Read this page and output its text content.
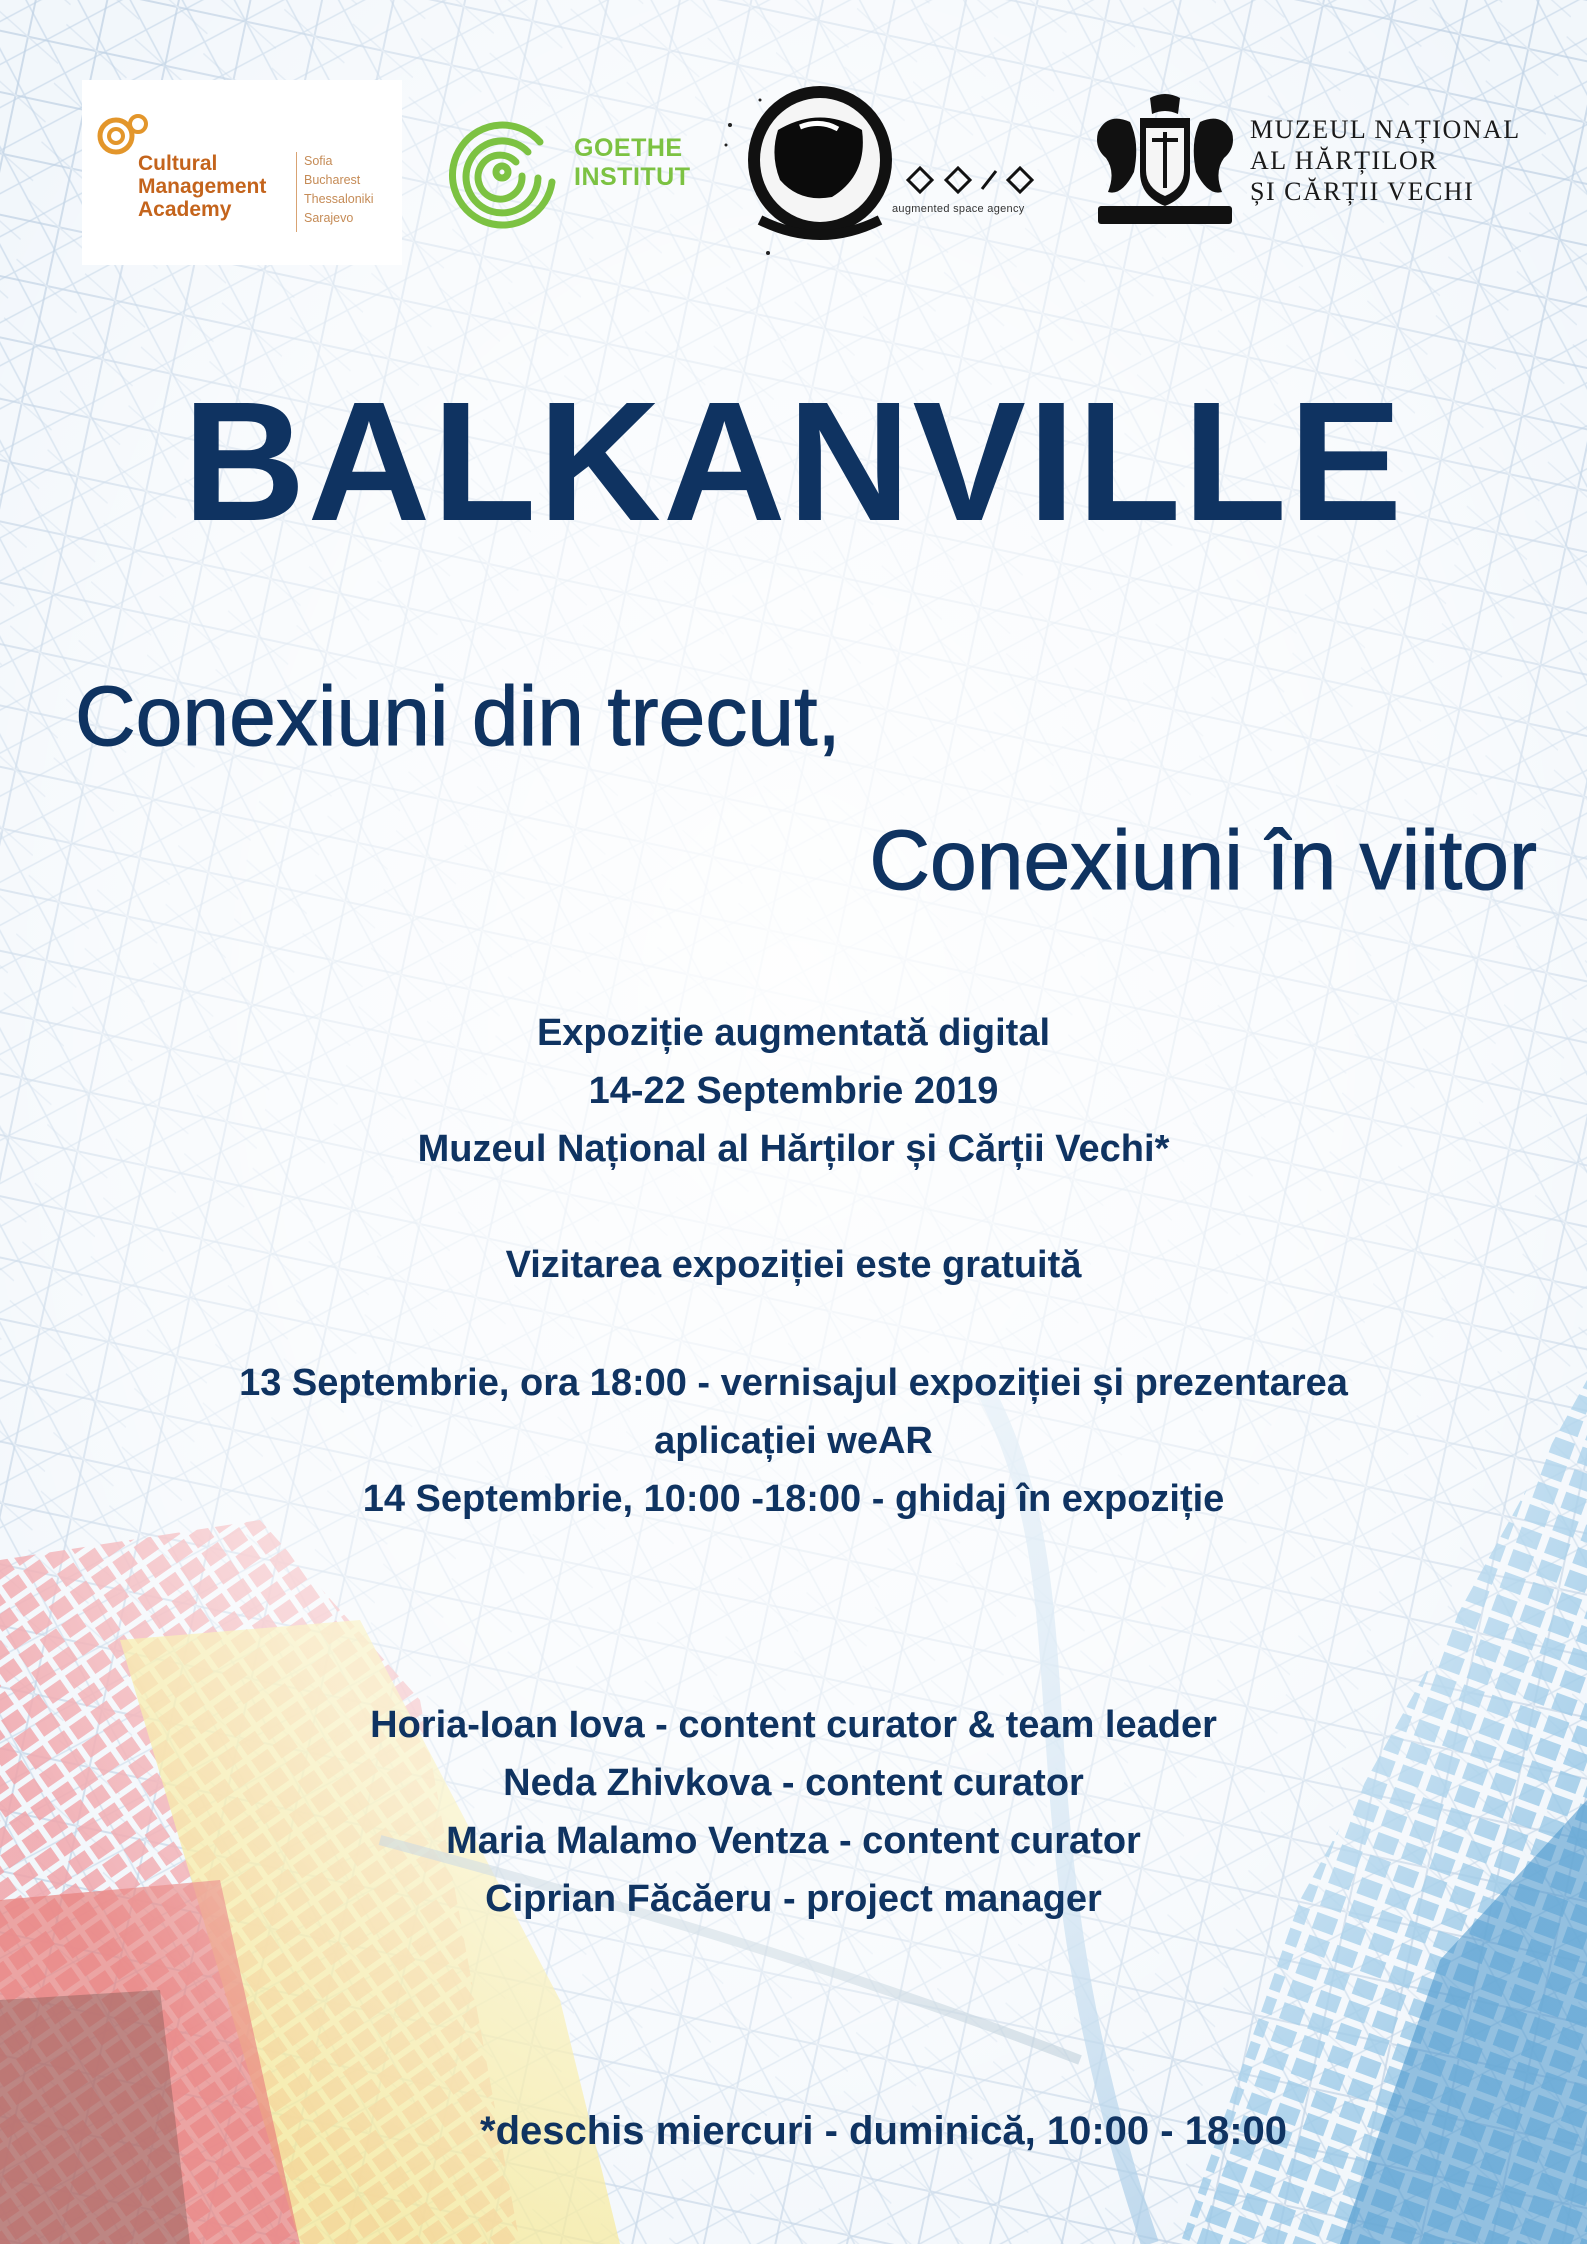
Cultural
Management
Academy
Sofia
Bucharest
Thessaloniki
Sarajevo
GOETHE
INSTITUT
augmented space agency
MUZEUL NAȚIONAL
AL HĂRȚILOR
ȘI CĂRȚII VECHI
BALKANVILLE
Conexiuni din trecut,
Conexiuni în viitor
Expoziție augmentată digital
14-22 Septembrie 2019
Muzeul Național al Hărților și Cărții Vechi*
Vizitarea expoziției este gratuită
13 Septembrie, ora 18:00 - vernisajul expoziției și prezentarea
aplicației weAR
14 Septembrie, 10:00 -18:00 - ghidaj în expoziție
Horia-Ioan Iova - content curator & team leader
Neda Zhivkova - content curator
Maria Malamo Ventza - content curator
Ciprian Făcăeru - project manager
*deschis miercuri - duminică, 10:00 - 18:00
